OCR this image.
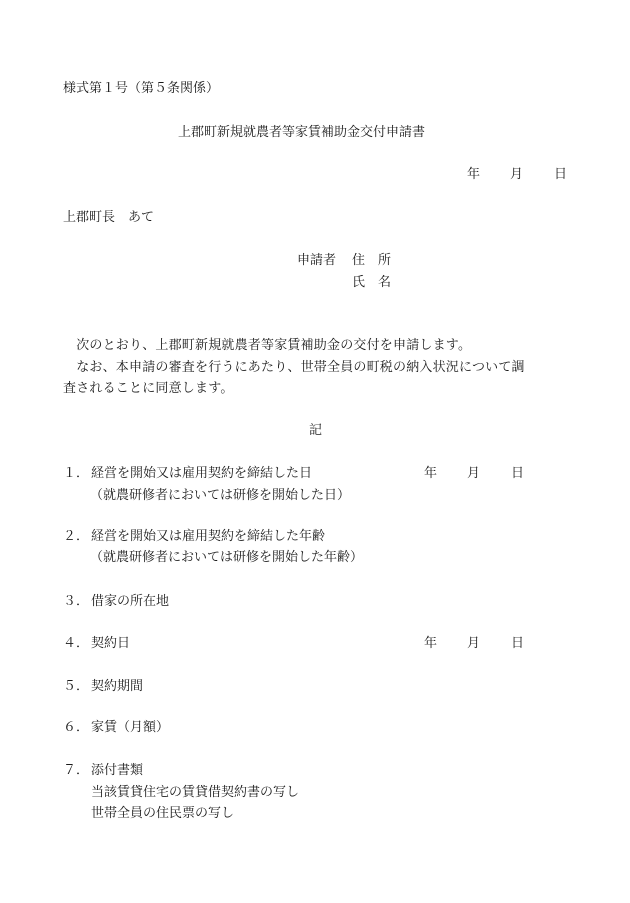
様式第１号（第５条関係）
上郡町新規就農者等家賃補助金交付申請書
年 月 日
上郡町長　あて
申請者 住　所
氏　名
　次のとおり、上郡町新規就農者等家賃補助金の交付を申請します。
　なお、本申請の審査を行うにあたり、世帯全員の町税の納入状況について調
査されることに同意します。
記
１． 経営を開始又は雇用契約を締結した日	年 月 日
（就農研修者においては研修を開始した日）
２． 経営を開始又は雇用契約を締結した年齢
（就農研修者においては研修を開始した年齢）
３． 借家の所在地
４． 契約日	年 月 日
５． 契約期間
６． 家賃（月額）
７． 添付書類
当該賃貸住宅の賃貸借契約書の写し
世帯全員の住民票の写し
